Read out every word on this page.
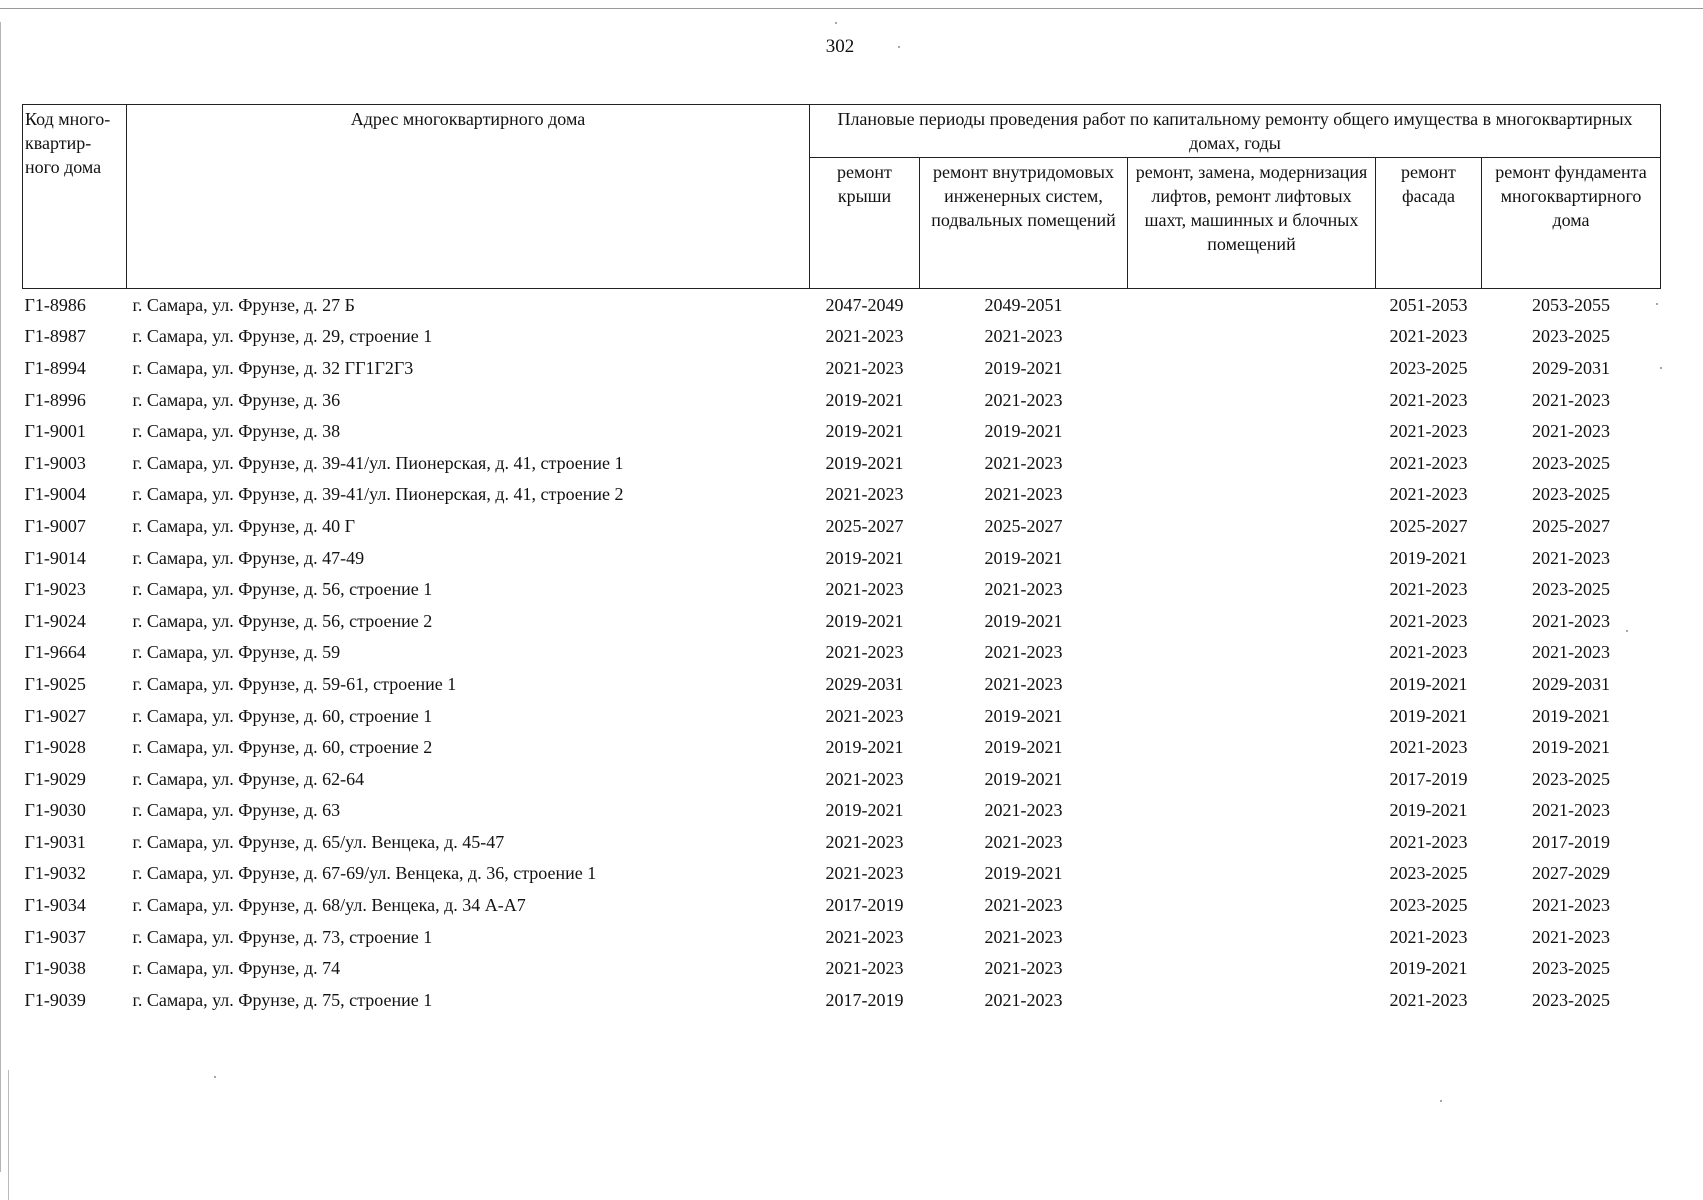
302
Код много-квартир-ного дома	Адрес многоквартирного дома	Плановые периоды проведения работ по капитальному ремонту общего имущества в многоквартирных домах, годы				
		ремонт крыши	ремонт внутридомовых инженерных систем, подвальных помещений	ремонт, замена, модернизация лифтов, ремонт лифтовых шахт, машинных и блочных помещений	ремонт фасада	ремонт фундамента многоквартирного дома
Г1-8986	г. Самара, ул. Фрунзе, д. 27 Б	2047-2049	2049-2051		2051-2053	2053-2055
Г1-8987	г. Самара, ул. Фрунзе, д. 29, строение 1	2021-2023	2021-2023		2021-2023	2023-2025
Г1-8994	г. Самара, ул. Фрунзе, д. 32 ГГ1Г2Г3	2021-2023	2019-2021		2023-2025	2029-2031
Г1-8996	г. Самара, ул. Фрунзе, д. 36	2019-2021	2021-2023		2021-2023	2021-2023
Г1-9001	г. Самара, ул. Фрунзе, д. 38	2019-2021	2019-2021		2021-2023	2021-2023
Г1-9003	г. Самара, ул. Фрунзе, д. 39-41/ул. Пионерская, д. 41, строение 1	2019-2021	2021-2023		2021-2023	2023-2025
Г1-9004	г. Самара, ул. Фрунзе, д. 39-41/ул. Пионерская, д. 41, строение 2	2021-2023	2021-2023		2021-2023	2023-2025
Г1-9007	г. Самара, ул. Фрунзе, д. 40 Г	2025-2027	2025-2027		2025-2027	2025-2027
Г1-9014	г. Самара, ул. Фрунзе, д. 47-49	2019-2021	2019-2021		2019-2021	2021-2023
Г1-9023	г. Самара, ул. Фрунзе, д. 56, строение 1	2021-2023	2021-2023		2021-2023	2023-2025
Г1-9024	г. Самара, ул. Фрунзе, д. 56, строение 2	2019-2021	2019-2021		2021-2023	2021-2023
Г1-9664	г. Самара, ул. Фрунзе, д. 59	2021-2023	2021-2023		2021-2023	2021-2023
Г1-9025	г. Самара, ул. Фрунзе, д. 59-61, строение 1	2029-2031	2021-2023		2019-2021	2029-2031
Г1-9027	г. Самара, ул. Фрунзе, д. 60, строение 1	2021-2023	2019-2021		2019-2021	2019-2021
Г1-9028	г. Самара, ул. Фрунзе, д. 60, строение 2	2019-2021	2019-2021		2021-2023	2019-2021
Г1-9029	г. Самара, ул. Фрунзе, д. 62-64	2021-2023	2019-2021		2017-2019	2023-2025
Г1-9030	г. Самара, ул. Фрунзе, д. 63	2019-2021	2021-2023		2019-2021	2021-2023
Г1-9031	г. Самара, ул. Фрунзе, д. 65/ул. Венцека, д. 45-47	2021-2023	2021-2023		2021-2023	2017-2019
Г1-9032	г. Самара, ул. Фрунзе, д. 67-69/ул. Венцека, д. 36, строение 1	2021-2023	2019-2021		2023-2025	2027-2029
Г1-9034	г. Самара, ул. Фрунзе, д. 68/ул. Венцека, д. 34 А-А7	2017-2019	2021-2023		2023-2025	2021-2023
Г1-9037	г. Самара, ул. Фрунзе, д. 73, строение 1	2021-2023	2021-2023		2021-2023	2021-2023
Г1-9038	г. Самара, ул. Фрунзе, д. 74	2021-2023	2021-2023		2019-2021	2023-2025
Г1-9039	г. Самара, ул. Фрунзе, д. 75, строение 1	2017-2019	2021-2023		2021-2023	2023-2025
